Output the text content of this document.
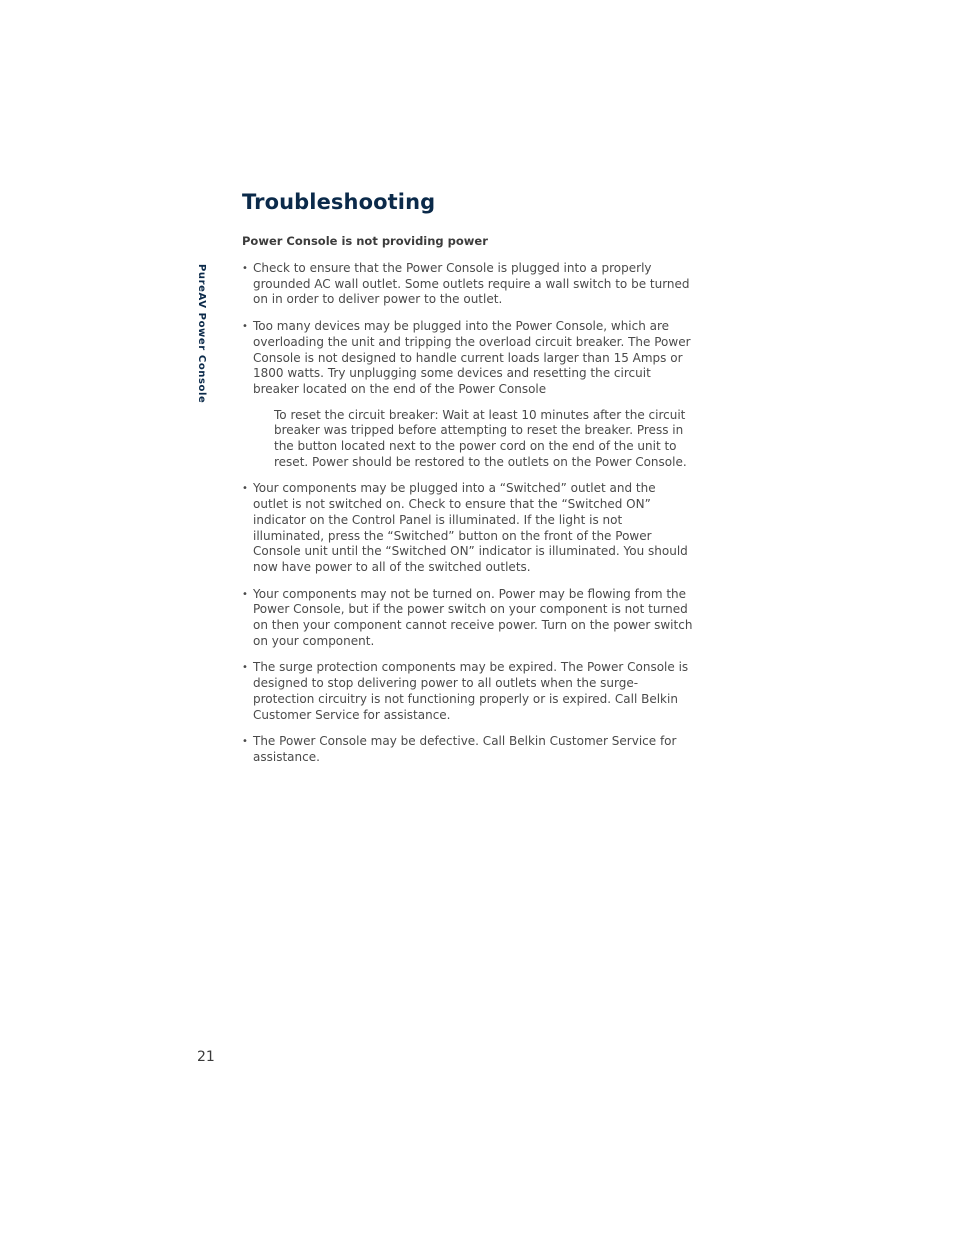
PureAV Power Console
Troubleshooting
Power Console is not providing power
• Check to ensure that the Power Console is plugged into a properly grounded AC wall outlet. Some outlets require a wall switch to be turned on in order to deliver power to the outlet.
• Too many devices may be plugged into the Power Console, which are overloading the unit and tripping the overload circuit breaker. The Power Console is not designed to handle current loads larger than 15 Amps or 1800 watts. Try unplugging some devices and resetting the circuit breaker located on the end of the Power Console

To reset the circuit breaker: Wait at least 10 minutes after the circuit breaker was tripped before attempting to reset the breaker. Press in the button located next to the power cord on the end of the unit to reset. Power should be restored to the outlets on the Power Console.

• Your components may be plugged into a “Switched” outlet and the outlet is not switched on. Check to ensure that the “Switched ON” indicator on the Control Panel is illuminated. If the light is not illuminated, press the “Switched” button on the front of the Power Console unit until the “Switched ON” indicator is illuminated. You should now have power to all of the switched outlets.
• Your components may not be turned on. Power may be flowing from the Power Console, but if the power switch on your component is not turned on then your component cannot receive power. Turn on the power switch on your component.
• The surge protection components may be expired. The Power Console is designed to stop delivering power to all outlets when the surge-protection circuitry is not functioning properly or is expired. Call Belkin Customer Service for assistance.
• The Power Console may be defective. Call Belkin Customer Service for assistance.
21
